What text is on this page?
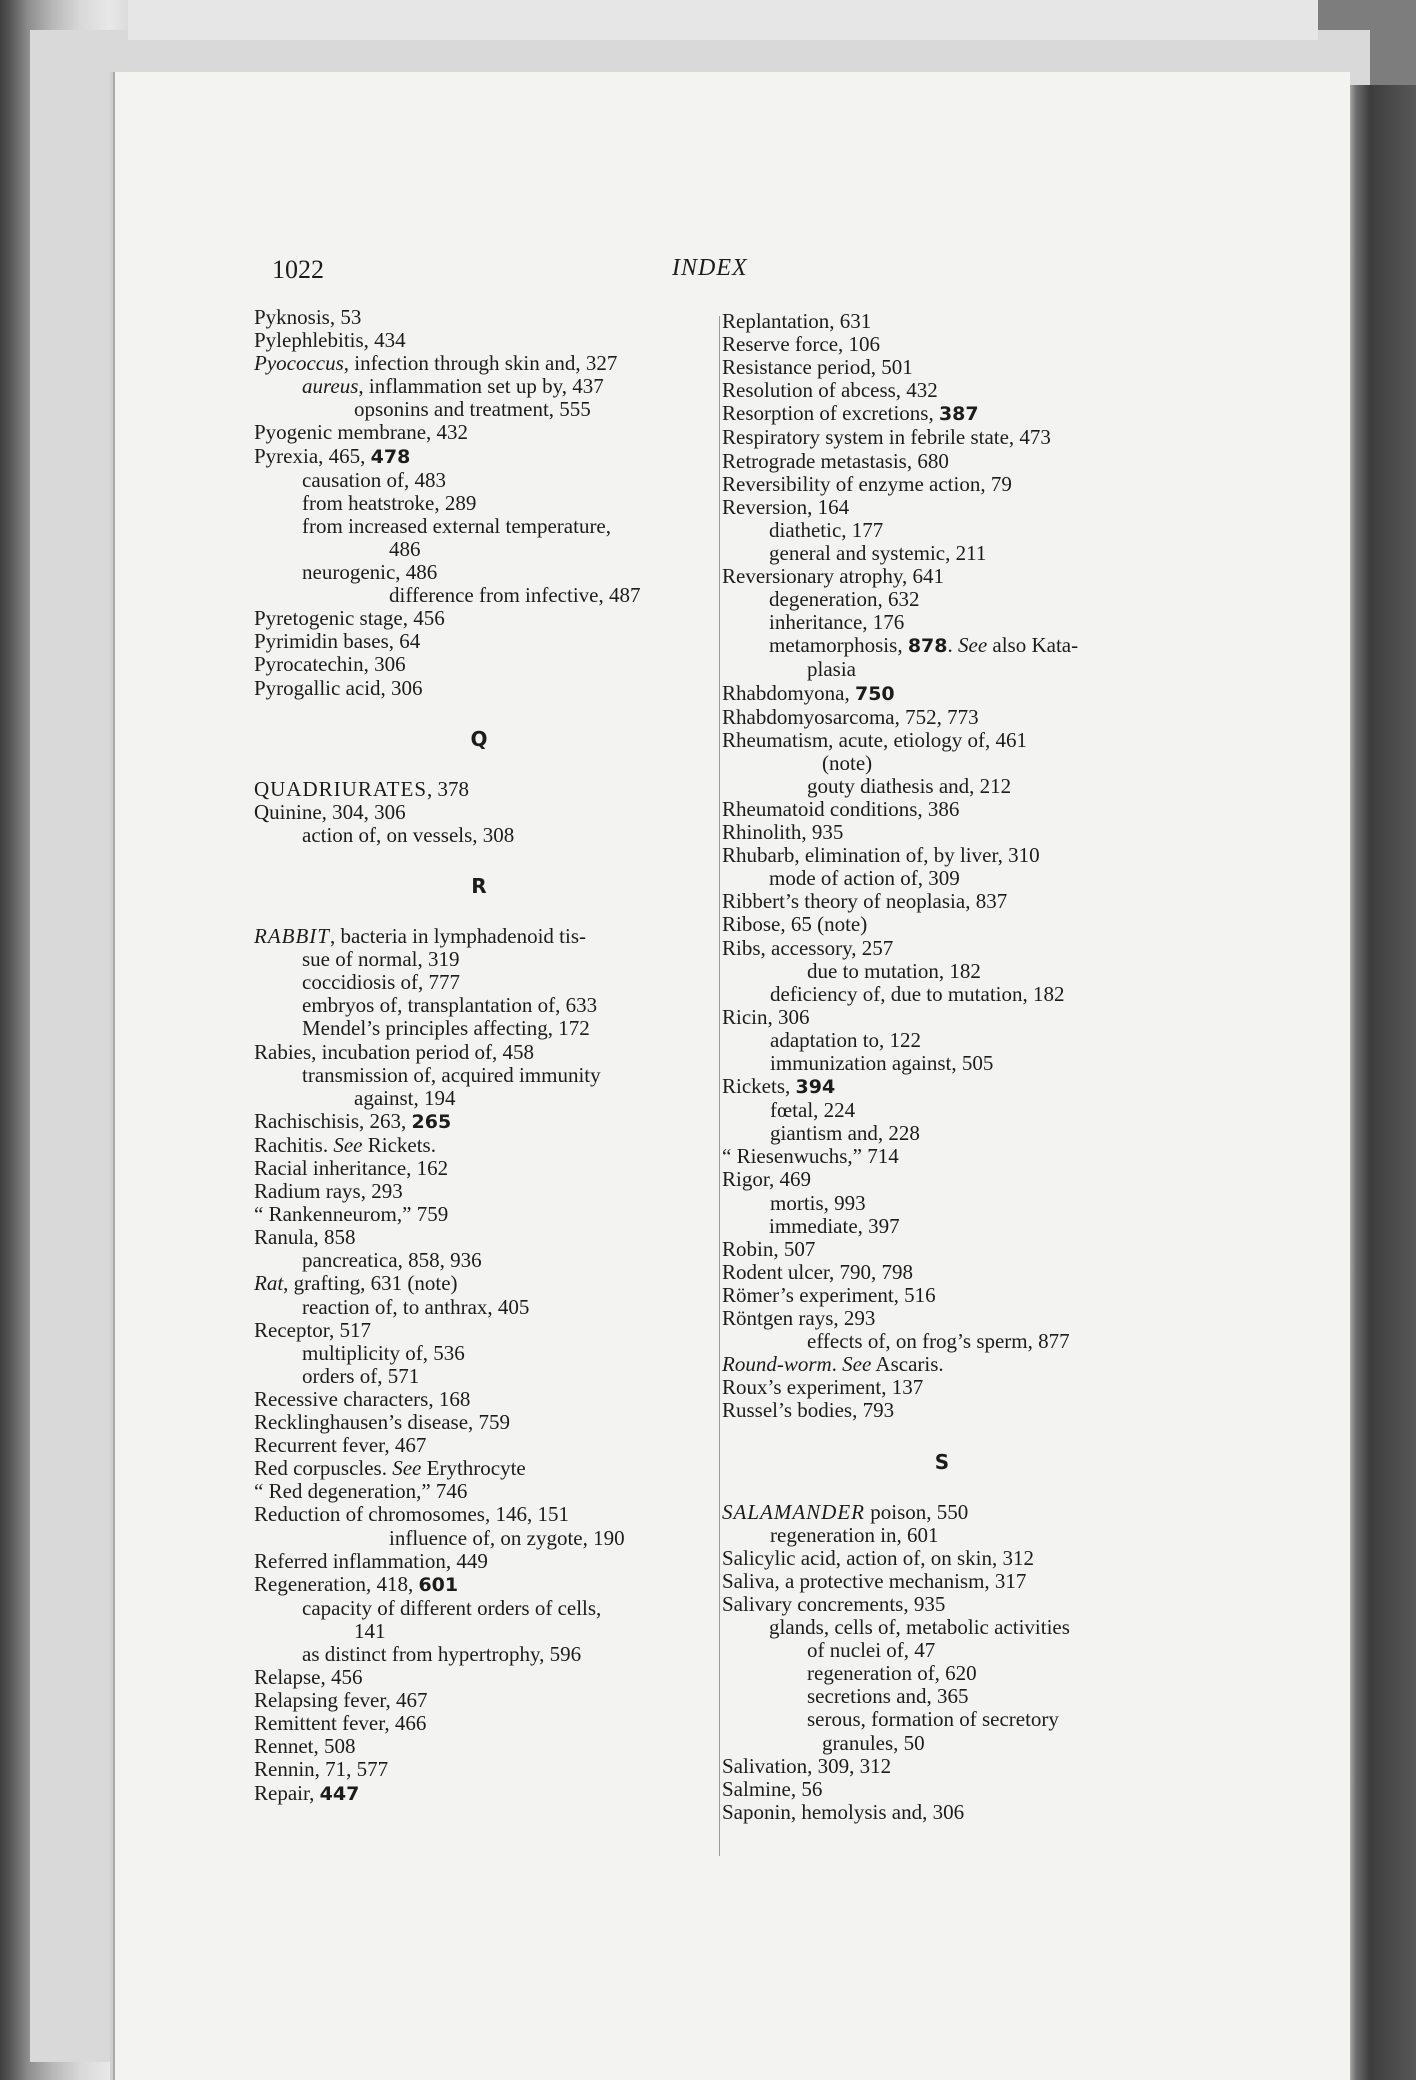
1022	INDEX
Pyknosis, 53
Pylephlebitis, 434
Pyococcus, infection through skin and, 327
aureus, inflammation set up by, 437
opsonins and treatment, 555
Pyogenic membrane, 432
Pyrexia, 465, 478
causation of, 483
from heatstroke, 289
from increased external temperature,
486
neurogenic, 486
difference from infective, 487
Pyretogenic stage, 456
Pyrimidin bases, 64
Pyrocatechin, 306
Pyrogallic acid, 306
Q
QUADRIURATES, 378
Quinine, 304, 306
action of, on vessels, 308
R
RABBIT, bacteria in lymphadenoid tis-
sue of normal, 319
coccidiosis of, 777
embryos of, transplantation of, 633
Mendel’s principles affecting, 172
Rabies, incubation period of, 458
transmission of, acquired immunity
against, 194
Rachischisis, 263, 265
Rachitis. See Rickets.
Racial inheritance, 162
Radium rays, 293
“ Rankenneurom,” 759
Ranula, 858
pancreatica, 858, 936
Rat, grafting, 631 (note)
reaction of, to anthrax, 405
Receptor, 517
multiplicity of, 536
orders of, 571
Recessive characters, 168
Recklinghausen’s disease, 759
Recurrent fever, 467
Red corpuscles. See Erythrocyte
“ Red degeneration,” 746
Reduction of chromosomes, 146, 151
influence of, on zygote, 190
Referred inflammation, 449
Regeneration, 418, 601
capacity of different orders of cells,
141
as distinct from hypertrophy, 596
Relapse, 456
Relapsing fever, 467
Remittent fever, 466
Rennet, 508
Rennin, 71, 577
Repair, 447
Replantation, 631
Reserve force, 106
Resistance period, 501
Resolution of abcess, 432
Resorption of excretions, 387
Respiratory system in febrile state, 473
Retrograde metastasis, 680
Reversibility of enzyme action, 79
Reversion, 164
diathetic, 177
general and systemic, 211
Reversionary atrophy, 641
degeneration, 632
inheritance, 176
metamorphosis, 878. See also Kata-
plasia
Rhabdomyona, 750
Rhabdomyosarcoma, 752, 773
Rheumatism, acute, etiology of, 461
(note)
gouty diathesis and, 212
Rheumatoid conditions, 386
Rhinolith, 935
Rhubarb, elimination of, by liver, 310
mode of action of, 309
Ribbert’s theory of neoplasia, 837
Ribose, 65 (note)
Ribs, accessory, 257
due to mutation, 182
deficiency of, due to mutation, 182
Ricin, 306
adaptation to, 122
immunization against, 505
Rickets, 394
fœtal, 224
giantism and, 228
“ Riesenwuchs,” 714
Rigor, 469
mortis, 993
immediate, 397
Robin, 507
Rodent ulcer, 790, 798
Römer’s experiment, 516
Röntgen rays, 293
effects of, on frog’s sperm, 877
Round-worm. See Ascaris.
Roux’s experiment, 137
Russel’s bodies, 793
S
SALAMANDER poison, 550
regeneration in, 601
Salicylic acid, action of, on skin, 312
Saliva, a protective mechanism, 317
Salivary concrements, 935
glands, cells of, metabolic activities
of nuclei of, 47
regeneration of, 620
secretions and, 365
serous, formation of secretory
granules, 50
Salivation, 309, 312
Salmine, 56
Saponin, hemolysis and, 306
